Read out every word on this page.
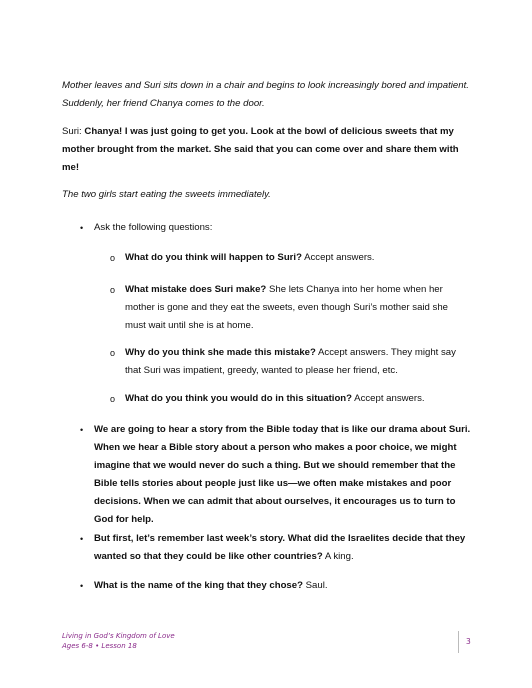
Mother leaves and Suri sits down in a chair and begins to look increasingly bored and impatient.
Suddenly, her friend Chanya comes to the door.

Suri: Chanya! I was just going to get you. Look at the bowl of delicious sweets that my
mother brought from the market. She said that you can come over and share them with
me!

The two girls start eating the sweets immediately.

• Ask the following questions:

o What do you think will happen to Suri? Accept answers.

o What mistake does Suri make? She lets Chanya into her home when her
mother is gone and they eat the sweets, even though Suri’s mother said she
must wait until she is at home.

o Why do you think she made this mistake? Accept answers. They might say
that Suri was impatient, greedy, wanted to please her friend, etc.

o What do you think you would do in this situation? Accept answers.

• We are going to hear a story from the Bible today that is like our drama about Suri.
When we hear a Bible story about a person who makes a poor choice, we might
imagine that we would never do such a thing. But we should remember that the
Bible tells stories about people just like us—we often make mistakes and poor
decisions. When we can admit that about ourselves, it encourages us to turn to
God for help.

• But first, let’s remember last week’s story. What did the Israelites decide that they
wanted so that they could be like other countries? A king.

• What is the name of the king that they chose? Saul.

Living in God’s Kingdom of Love
Ages 6-8 • Lesson 18	3
